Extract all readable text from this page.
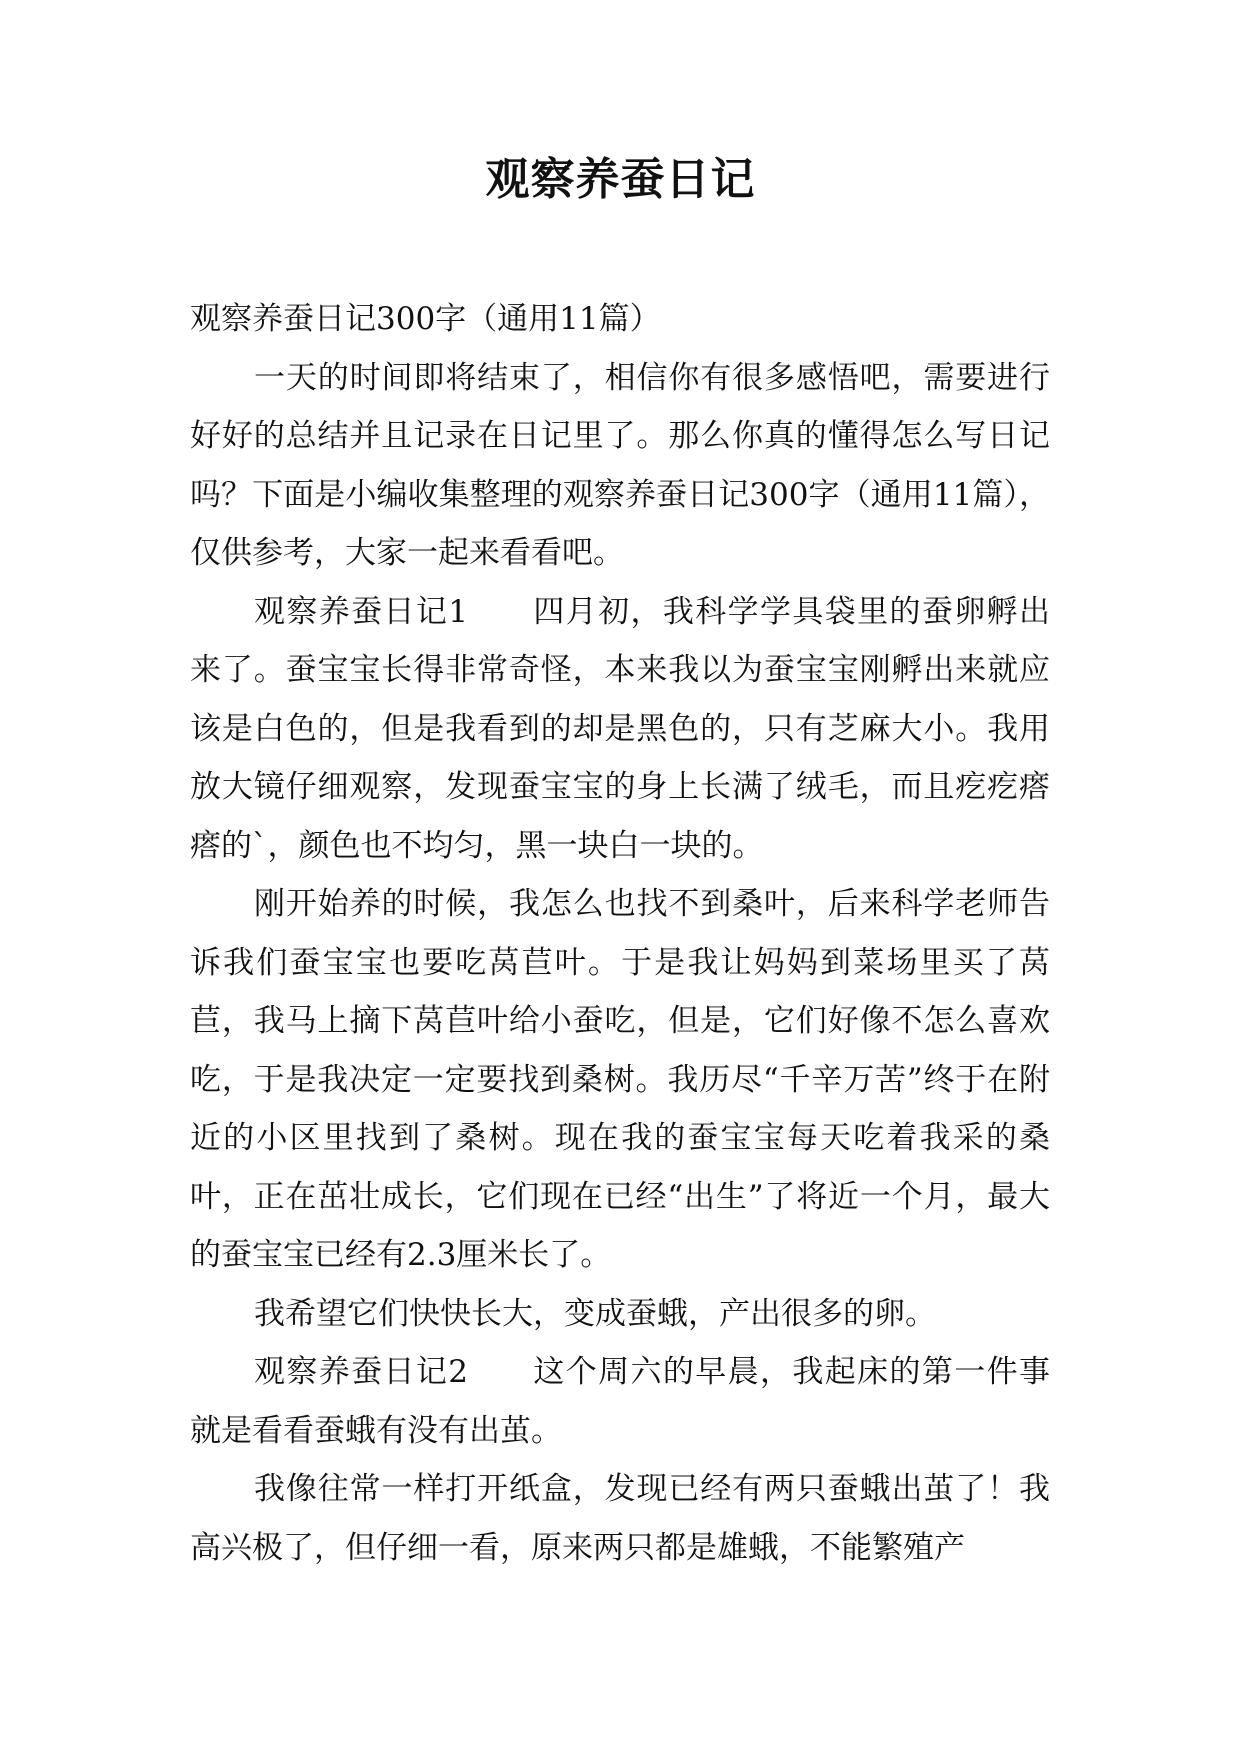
观察养蚕日记

观察养蚕日记300字（通用11篇）

一天的时间即将结束了，相信你有很多感悟吧，需要进行好好的总结并且记录在日记里了。那么你真的懂得怎么写日记吗？下面是小编收集整理的观察养蚕日记300字（通用11篇），仅供参考，大家一起来看看吧。

观察养蚕日记1 四月初，我科学学具袋里的蚕卵孵出来了。蚕宝宝长得非常奇怪，本来我以为蚕宝宝刚孵出来就应该是白色的，但是我看到的却是黑色的，只有芝麻大小。我用放大镜仔细观察，发现蚕宝宝的身上长满了绒毛，而且疙疙瘩瘩的`，颜色也不均匀，黑一块白一块的。

刚开始养的时候，我怎么也找不到桑叶，后来科学老师告诉我们蚕宝宝也要吃莴苣叶。于是我让妈妈到菜场里买了莴苣，我马上摘下莴苣叶给小蚕吃，但是，它们好像不怎么喜欢吃，于是我决定一定要找到桑树。我历尽“千辛万苦”终于在附近的小区里找到了桑树。现在我的蚕宝宝每天吃着我采的桑叶，正在茁壮成长，它们现在已经“出生”了将近一个月，最大的蚕宝宝已经有2.3厘米长了。

我希望它们快快长大，变成蚕蛾，产出很多的卵。

观察养蚕日记2 这个周六的早晨，我起床的第一件事就是看看蚕蛾有没有出茧。

我像往常一样打开纸盒，发现已经有两只蚕蛾出茧了！我高兴极了，但仔细一看，原来两只都是雄蛾，不能繁殖产
